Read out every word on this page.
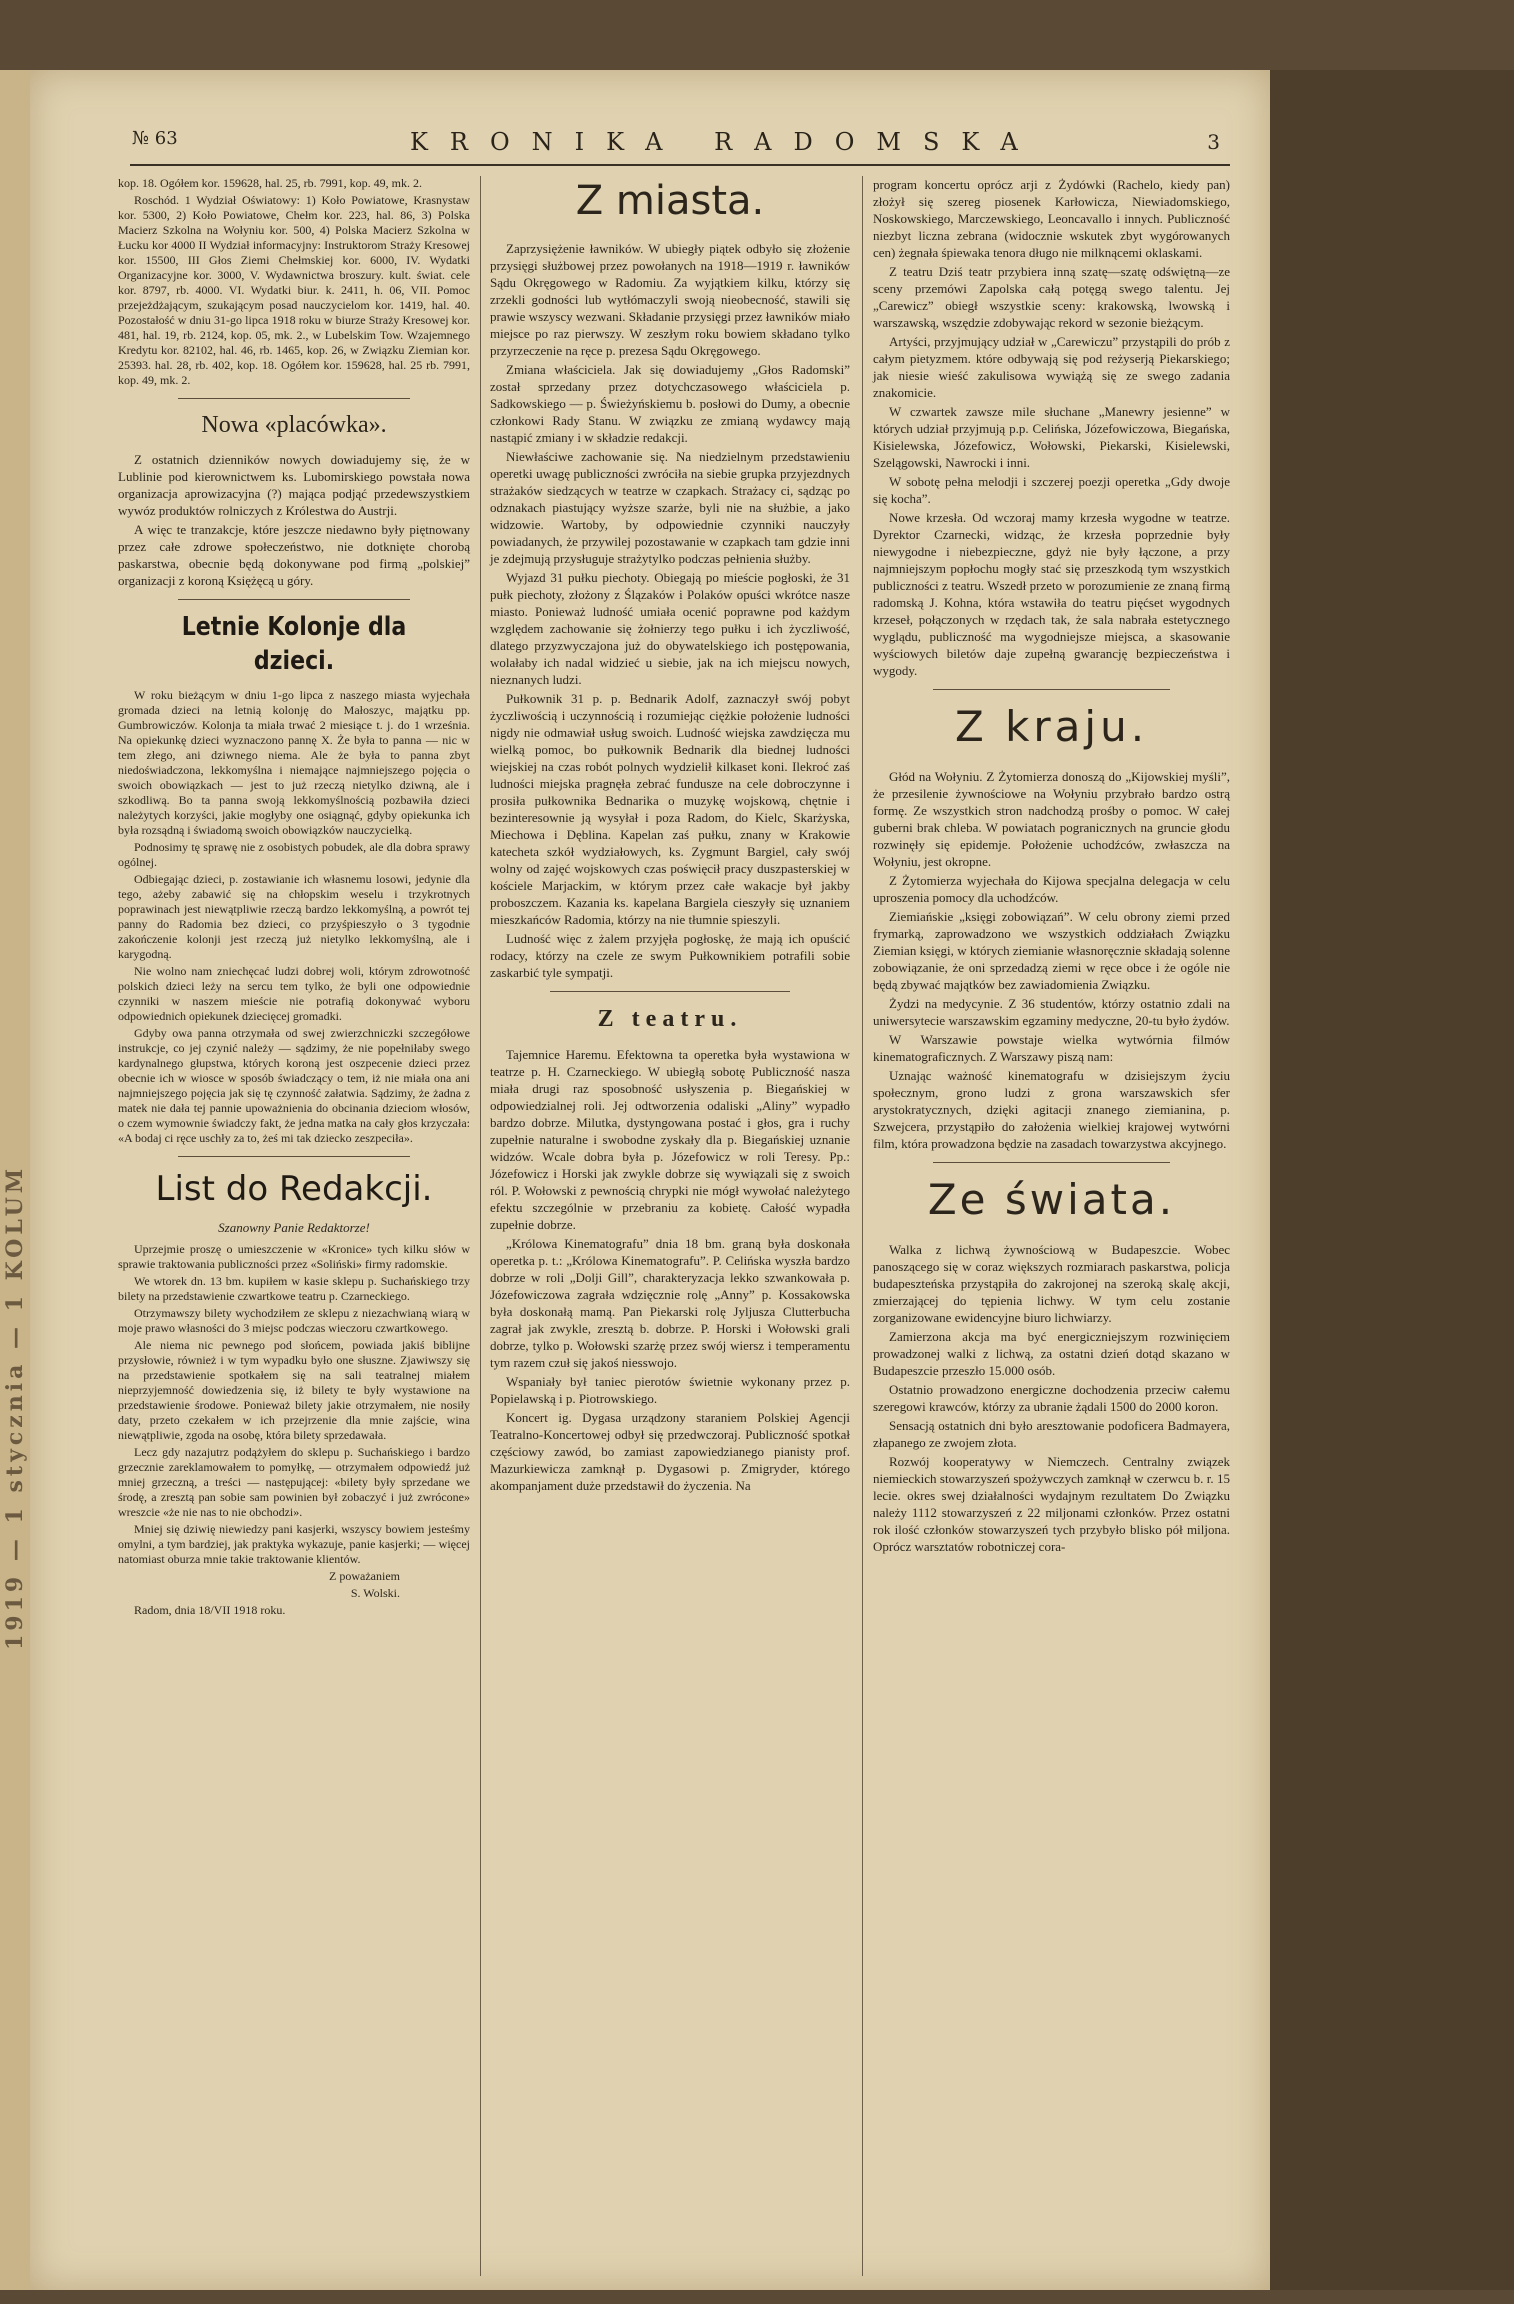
1919 — 1 stycznia — 1 KOLUM
№ 63	KRONIKA RADOMSKA	3

kop. 18. Ogółem kor. 159628, hal. 25, rb. 7991, kop. 49, mk. 2.

Roschód. 1 Wydział Oświatowy: 1) Koło Powiatowe, Krasnystaw kor. 5300, 2) Koło Powiatowe, Chełm kor. 223, hal. 86, 3) Polska Macierz Szkolna na Wołyniu kor. 500, 4) Polska Macierz Szkolna w Łucku kor 4000 II Wydział informacyjny: Instruktorom Straży Kresowej kor. 15500, III Głos Ziemi Chełmskiej kor. 6000, IV. Wydatki Organizacyjne kor. 3000, V. Wydawnictwa broszury. kult. świat. cele kor. 8797, rb. 4000. VI. Wydatki biur. k. 2411, h. 06, VII. Pomoc przejeżdżającym, szukającym posad nauczycielom kor. 1419, hal. 40. Pozostałość w dniu 31-go lipca 1918 roku w biurze Straży Kresowej kor. 481, hal. 19, rb. 2124, kop. 05, mk. 2., w Lubelskim Tow. Wzajemnego Kredytu kor. 82102, hal. 46, rb. 1465, kop. 26, w Związku Ziemian kor. 25393. hal. 28, rb. 402, kop. 18. Ogółem kor. 159628, hal. 25 rb. 7991, kop. 49, mk. 2.

Nowa «placówka».

Z ostatnich dzienników nowych dowiadujemy się, że w Lublinie pod kierownictwem ks. Lubomirskiego powstała nowa organizacja aprowizacyjna (?) mająca podjąć przedewszystkiem wywóz produktów rolniczych z Królestwa do Austrji.

A więc te tranzakcje, które jeszcze niedawno były piętnowany przez całe zdrowe społeczeństwo, nie dotknięte chorobą paskarstwa, obecnie będą dokonywane pod firmą „polskiej” organizacji z koroną Księżęcą u góry.

Letnie Kolonje dla dzieci.

W roku bieżącym w dniu 1-go lipca z naszego miasta wyjechała gromada dzieci na letnią kolonję do Małoszyc, majątku pp. Gumbrowiczów. Kolonja ta miała trwać 2 miesiące t. j. do 1 września. Na opiekunkę dzieci wyznaczono pannę X. Że była to panna — nic w tem złego, ani dziwnego niema. Ale że była to panna zbyt niedoświadczona, lekkomyślna i niemające najmniejszego pojęcia o swoich obowiązkach — jest to już rzeczą nietylko dziwną, ale i szkodliwą. Bo ta panna swoją lekkomyślnością pozbawiła dzieci należytych korzyści, jakie mogłyby one osiągnąć, gdyby opiekunka ich była rozsądną i świadomą swoich obowiązków nauczycielką.

Podnosimy tę sprawę nie z osobistych pobudek, ale dla dobra sprawy ogólnej.

Odbiegając dzieci, p. zostawianie ich własnemu losowi, jedynie dla tego, ażeby zabawić się na chłopskim weselu i trzykrotnych poprawinach jest niewątpliwie rzeczą bardzo lekkomyślną, a powrót tej panny do Radomia bez dzieci, co przyśpieszyło o 3 tygodnie zakończenie kolonji jest rzeczą już nietylko lekkomyślną, ale i karygodną.

Nie wolno nam zniechęcać ludzi dobrej woli, którym zdrowotność polskich dzieci leży na sercu tem tylko, że byli one odpowiednie czynniki w naszem mieście nie potrafią dokonywać wyboru odpowiednich opiekunek dziecięcej gromadki.

Gdyby owa panna otrzymała od swej zwierzchniczki szczegółowe instrukcje, co jej czynić należy — sądzimy, że nie popełniłaby swego kardynalnego głupstwa, których koroną jest oszpecenie dzieci przez obecnie ich w wiosce w sposób świadczący o tem, iż nie miała ona ani najmniejszego pojęcia jak się tę czynność załatwia. Sądzimy, że żadna z matek nie dała tej pannie upoważnienia do obcinania dzieciom włosów, o czem wymownie świadczy fakt, że jedna matka na cały głos krzyczała: «A bodaj ci ręce uschły za to, żeś mi tak dziecko zeszpeciła».

List do Redakcji.

Szanowny Panie Redaktorze!

Uprzejmie proszę o umieszczenie w «Kronice» tych kilku słów w sprawie traktowania publiczności przez «Soliński» firmy radomskie.

We wtorek dn. 13 bm. kupiłem w kasie sklepu p. Suchańskiego trzy bilety na przedstawienie czwartkowe teatru p. Czarneckiego.

Otrzymawszy bilety wychodziłem ze sklepu z niezachwianą wiarą w moje prawo własności do 3 miejsc podczas wieczoru czwartkowego.

Ale niema nic pewnego pod słońcem, powiada jakiś biblijne przysłowie, również i w tym wypadku było one słuszne. Zjawiwszy się na przedstawienie spotkałem się na sali teatralnej miałem nieprzyjemność dowiedzenia się, iż bilety te były wystawione na przedstawienie środowe. Ponieważ bilety jakie otrzymałem, nie nosiły daty, przeto czekałem w ich przejrzenie dla mnie zajście, wina niewątpliwie, zgoda na osobę, która bilety sprzedawała.

Lecz gdy nazajutrz podążyłem do sklepu p. Suchańskiego i bardzo grzecznie zareklamowałem to pomyłkę, — otrzymałem odpowiedź już mniej grzeczną, a treści — następującej: «bilety były sprzedane we środę, a zresztą pan sobie sam powinien był zobaczyć i już zwrócone» wreszcie «że nie nas to nie obchodzi».

Mniej się dziwię niewiedzy pani kasjerki, wszyscy bowiem jesteśmy omylni, a tym bardziej, jak praktyka wykazuje, panie kasjerki; — więcej natomiast oburza mnie takie traktowanie klientów.

Z poważaniem

S. Wolski.

Radom, dnia 18/VII 1918 roku.

Z miasta.

Zaprzysiężenie ławników. W ubiegły piątek odbyło się złożenie przysięgi służbowej przez powołanych na 1918—1919 r. ławników Sądu Okręgowego w Radomiu. Za wyjątkiem kilku, którzy się zrzekli godności lub wytłómaczyli swoją nieobecność, stawili się prawie wszyscy wezwani. Składanie przysięgi przez ławników miało miejsce po raz pierwszy. W zeszłym roku bowiem składano tylko przyrzeczenie na ręce p. prezesa Sądu Okręgowego.

Zmiana właściciela. Jak się dowiadujemy „Głos Radomski” został sprzedany przez dotychczasowego właściciela p. Sadkowskiego — p. Świeżyńskiemu b. posłowi do Dumy, a obecnie członkowi Rady Stanu. W związku ze zmianą wydawcy mają nastąpić zmiany i w składzie redakcji.

Niewłaściwe zachowanie się. Na niedzielnym przedstawieniu operetki uwagę publiczności zwróciła na siebie grupka przyjezdnych strażaków siedzących w teatrze w czapkach. Strażacy ci, sądząc po odznakach piastujący wyższe szarże, byli nie na służbie, a jako widzowie. Wartoby, by odpowiednie czynniki nauczyły powiadanych, że przywilej pozostawanie w czapkach tam gdzie inni je zdejmują przysługuje strażytylko podczas pełnienia służby.

Wyjazd 31 pułku piechoty. Obiegają po mieście pogłoski, że 31 pułk piechoty, złożony z Ślązaków i Polaków opuści wkrótce nasze miasto. Ponieważ ludność umiała ocenić poprawne pod każdym względem zachowanie się żołnierzy tego pułku i ich życzliwość, dlatego przyzwyczajona już do obywatelskiego ich postępowania, wolałaby ich nadal widzieć u siebie, jak na ich miejscu nowych, nieznanych ludzi.

Pułkownik 31 p. p. Bednarik Adolf, zaznaczył swój pobyt życzliwością i uczynnością i rozumiejąc ciężkie położenie ludności nigdy nie odmawiał usług swoich. Ludność wiejska zawdzięcza mu wielką pomoc, bo pułkownik Bednarik dla biednej ludności wiejskiej na czas robót polnych wydzielił kilkaset koni. Ilekroć zaś ludności miejska pragnęła zebrać fundusze na cele dobroczynne i prosiła pułkownika Bednarika o muzykę wojskową, chętnie i bezinteresownie ją wysyłał i poza Radom, do Kielc, Skarżyska, Miechowa i Dęblina. Kapelan zaś pułku, znany w Krakowie katecheta szkół wydziałowych, ks. Zygmunt Bargiel, cały swój wolny od zajęć wojskowych czas poświęcił pracy duszpasterskiej w kościele Marjackim, w którym przez całe wakacje był jakby proboszczem. Kazania ks. kapelana Bargiela cieszyły się uznaniem mieszkańców Radomia, którzy na nie tłumnie spieszyli.

Ludność więc z żalem przyjęła pogłoskę, że mają ich opuścić rodacy, którzy na czele ze swym Pułkownikiem potrafili sobie zaskarbić tyle sympatji.

Z teatru.

Tajemnice Haremu. Efektowna ta operetka była wystawiona w teatrze p. H. Czarneckiego. W ubiegłą sobotę Publiczność nasza miała drugi raz sposobność usłyszenia p. Biegańskiej w odpowiedzialnej roli. Jej odtworzenia odaliski „Aliny” wypadło bardzo dobrze. Milutka, dystyngowana postać i głos, gra i ruchy zupełnie naturalne i swobodne zyskały dla p. Biegańskiej uznanie widzów. Wcale dobra była p. Józefowicz w roli Teresy. Pp.: Józefowicz i Horski jak zwykle dobrze się wywiązali się z swoich ról. P. Wołowski z pewnością chrypki nie mógł wywołać należytego efektu szczególnie w przebraniu za kobietę. Całość wypadła zupełnie dobrze.

„Królowa Kinematografu” dnia 18 bm. graną była doskonała operetka p. t.: „Królowa Kinematografu”. P. Celińska wyszła bardzo dobrze w roli „Dolji Gill”, charakteryzacja lekko szwankowała p. Józefowiczowa zagrała wdzięcznie rolę „Anny” p. Kossakowska była doskonałą mamą. Pan Piekarski rolę Jyljusza Clutterbucha zagrał jak zwykle, zresztą b. dobrze. P. Horski i Wołowski grali dobrze, tylko p. Wołowski szarżę przez swój wiersz i temperamentu tym razem czuł się jakoś niesswojo.

Wspaniały był taniec pierotów świetnie wykonany przez p. Popielawską i p. Piotrowskiego.

Koncert ig. Dygasa urządzony staraniem Polskiej Agencji Teatralno-Koncertowej odbył się przedwczoraj. Publiczność spotkał częściowy zawód, bo zamiast zapowiedzianego pianisty prof. Mazurkiewicza zamknął p. Dygasowi p. Zmigryder, którego akompanjament duże przedstawił do życzenia. Na

program koncertu oprócz arji z Żydówki (Rachelo, kiedy pan) złożył się szereg piosenek Karłowicza, Niewiadomskiego, Noskowskiego, Marczewskiego, Leoncavallo i innych. Publiczność niezbyt liczna zebrana (widocznie wskutek zbyt wygórowanych cen) żegnała śpiewaka tenora długo nie milknącemi oklaskami.

Z teatru Dziś teatr przybiera inną szatę—szatę odświętną—ze sceny przemówi Zapolska całą potęgą swego talentu. Jej „Carewicz” obiegł wszystkie sceny: krakowską, lwowską i warszawską, wszędzie zdobywając rekord w sezonie bieżącym.

Artyści, przyjmujący udział w „Carewiczu” przystąpili do prób z całym pietyzmem. które odbywają się pod reżyserją Piekarskiego; jak niesie wieść zakulisowa wywiążą się ze swego zadania znakomicie.

W czwartek zawsze mile słuchane „Manewry jesienne” w których udział przyjmują p.p. Celińska, Józefowiczowa, Biegańska, Kisielewska, Józefowicz, Wołowski, Piekarski, Kisielewski, Szelągowski, Nawrocki i inni.

W sobotę pełna melodji i szczerej poezji operetka „Gdy dwoje się kocha”.

Nowe krzesła. Od wczoraj mamy krzesła wygodne w teatrze. Dyrektor Czarnecki, widząc, że krzesła poprzednie były niewygodne i niebezpieczne, gdyż nie były łączone, a przy najmniejszym popłochu mogły stać się przeszkodą tym wszystkich publiczności z teatru. Wszedł przeto w porozumienie ze znaną firmą radomską J. Kohna, która wstawiła do teatru pięćset wygodnych krzeseł, połączonych w rzędach tak, że sala nabrała estetycznego wyglądu, publiczność ma wygodniejsze miejsca, a skasowanie wyściowych biletów daje zupełną gwarancję bezpieczeństwa i wygody.

Z kraju.

Głód na Wołyniu. Z Żytomierza donoszą do „Kijowskiej myśli”, że przesilenie żywnościowe na Wołyniu przybrało bardzo ostrą formę. Ze wszystkich stron nadchodzą prośby o pomoc. W całej guberni brak chleba. W powiatach pogranicznych na gruncie głodu rozwinęły się epidemje. Położenie uchodźców, zwłaszcza na Wołyniu, jest okropne.

Z Żytomierza wyjechała do Kijowa specjalna delegacja w celu uproszenia pomocy dla uchodźców.

Ziemiańskie „księgi zobowiązań”. W celu obrony ziemi przed frymarką, zaprowadzono we wszystkich oddziałach Związku Ziemian księgi, w których ziemianie własnoręcznie składają solenne zobowiązanie, że oni sprzedadzą ziemi w ręce obce i że ogóle nie będą zbywać majątków bez zawiadomienia Związku.

Żydzi na medycynie. Z 36 studentów, którzy ostatnio zdali na uniwersytecie warszawskim egzaminy medyczne, 20-tu było żydów.

W Warszawie powstaje wielka wytwórnia filmów kinematograficznych. Z Warszawy piszą nam:

Uznając ważność kinematografu w dzisiejszym życiu społecznym, grono ludzi z grona warszawskich sfer arystokratycznych, dzięki agitacji znanego ziemianina, p. Szwejcera, przystąpiło do założenia wielkiej krajowej wytwórni film, która prowadzona będzie na zasadach towarzystwa akcyjnego.

Ze świata.

Walka z lichwą żywnościową w Budapeszcie. Wobec panoszącego się w coraz większych rozmiarach paskarstwa, policja budapeszteńska przystąpiła do zakrojonej na szeroką skalę akcji, zmierzającej do tępienia lichwy. W tym celu zostanie zorganizowane ewidencyjne biuro lichwiarzy.

Zamierzona akcja ma być energiczniejszym rozwinięciem prowadzonej walki z lichwą, za ostatni dzień dotąd skazano w Budapeszcie przeszło 15.000 osób.

Ostatnio prowadzono energiczne dochodzenia przeciw całemu szeregowi krawców, którzy za ubranie żądali 1500 do 2000 koron.

Sensacją ostatnich dni było aresztowanie podoficera Badmayera, złapanego ze zwojem złota.

Rozwój kooperatywy w Niemczech. Centralny związek niemieckich stowarzyszeń spożywczych zamknął w czerwcu b. r. 15 lecie. okres swej działalności wydajnym rezultatem Do Związku należy 1112 stowarzyszeń z 22 miljonami członków. Przez ostatni rok ilość członków stowarzyszeń tych przybyło blisko pół miljona. Oprócz warsztatów robotniczej cora-
